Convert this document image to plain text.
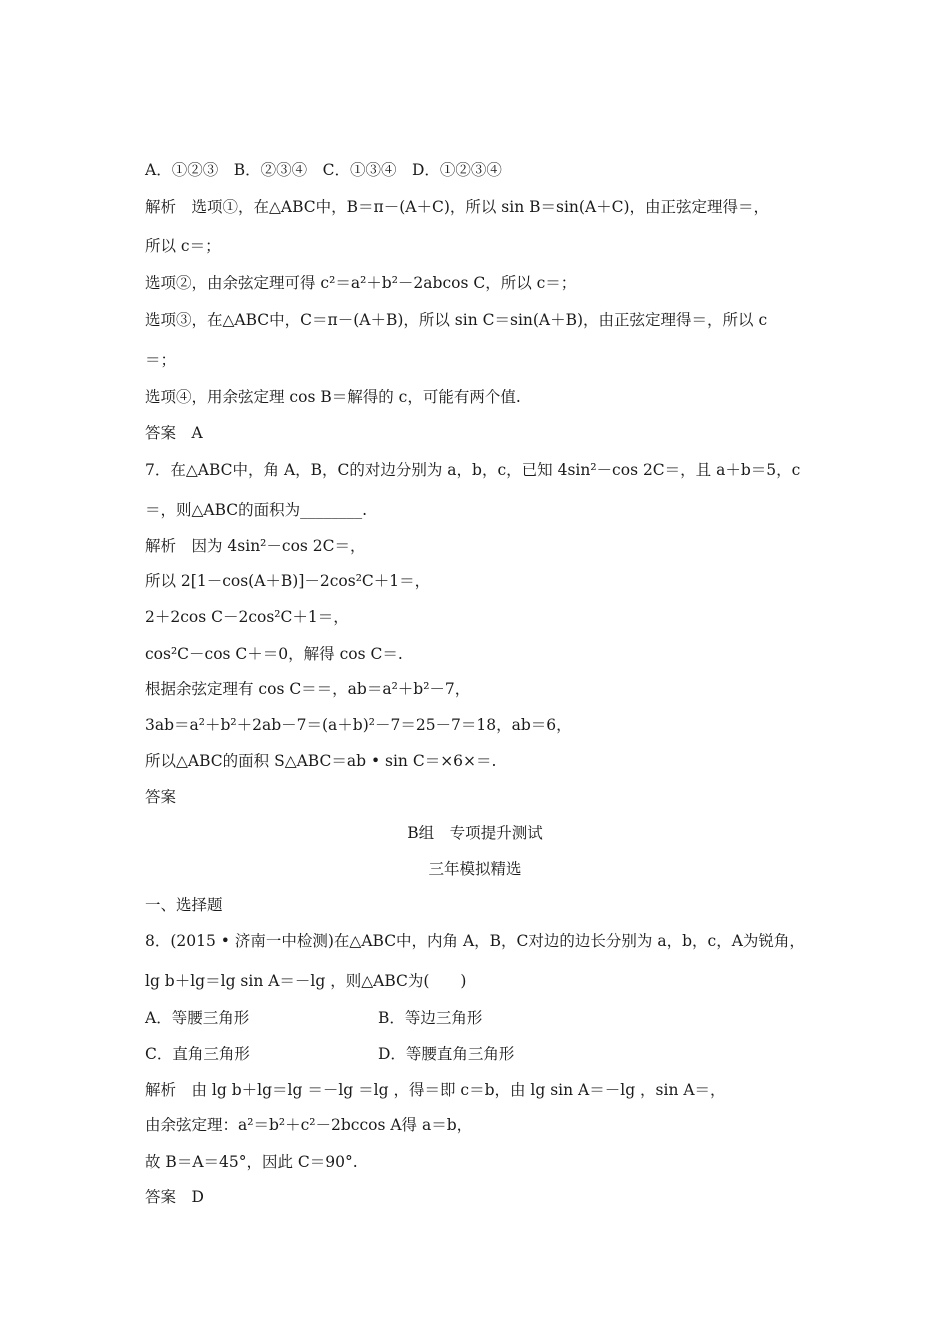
A．①②③　B．②③④　C．①③④　D．①②③④
解析　选项①，在△ABC中，B＝π－(A＋C)，所以 sin B＝sin(A＋C)，由正弦定理得＝，
所以 c＝；
选项②，由余弦定理可得 c²＝a²＋b²－2abcos C，所以 c＝；
选项③，在△ABC中，C＝π－(A＋B)，所以 sin C＝sin(A＋B)，由正弦定理得＝，所以 c
＝；
选项④，用余弦定理 cos B＝解得的 c，可能有两个值.
答案　A
7．在△ABC中，角 A，B，C的对边分别为 a，b，c，已知 4sin²－cos 2C＝，且 a＋b＝5，c
＝，则△ABC的面积为________.
解析　因为 4sin²－cos 2C＝，
所以 2[1－cos(A＋B)]－2cos²C＋1＝，
2＋2cos C－2cos²C＋1＝，
cos²C－cos C＋＝0，解得 cos C＝.
根据余弦定理有 cos C＝＝，ab＝a²＋b²－7，
3ab＝a²＋b²＋2ab－7＝(a＋b)²－7＝25－7＝18，ab＝6，
所以△ABC的面积 S△ABC＝ab • sin C＝×6×＝.
答案
B组　专项提升测试
三年模拟精选
一、选择题
8．(2015 • 济南一中检测)在△ABC中，内角 A，B，C对边的边长分别为 a，b，c，A为锐角，
lg b＋lg＝lg sin A＝－lg ，则△ABC为(　　)
A．等腰三角形	B．等边三角形
C．直角三角形	D．等腰直角三角形
解析　由 lg b＋lg＝lg ＝－lg ＝lg ，得＝即 c＝b，由 lg sin A＝－lg ，sin A＝，
由余弦定理：a²＝b²＋c²－2bccos A得 a＝b，
故 B＝A＝45°，因此 C＝90°.
答案　D
